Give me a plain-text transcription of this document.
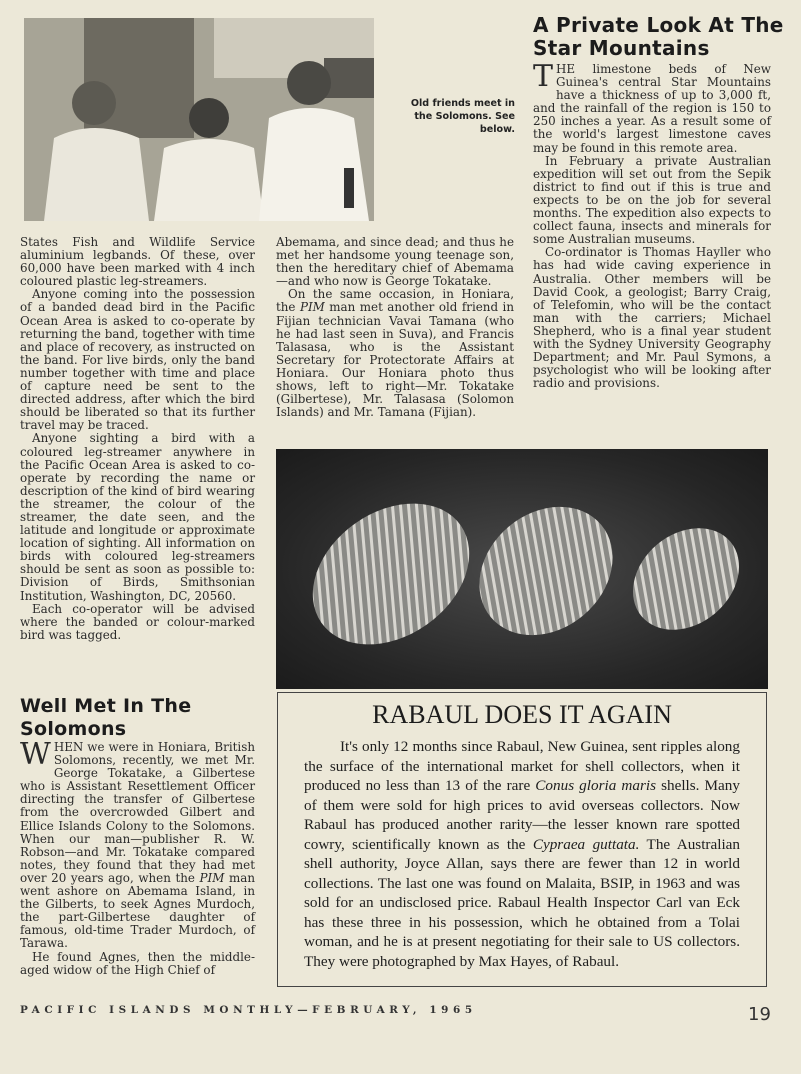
Old friends meet in the Solomons. See below.
A Private Look At The Star Mountains

THE limestone beds of New Guinea's central Star Mountains have a thickness of up to 3,000 ft, and the rainfall of the region is 150 to 250 inches a year. As a result some of the world's largest limestone caves may be found in this remote area.

In February a private Australian expedition will set out from the Sepik district to find out if this is true and expects to be on the job for several months. The expedition also expects to collect fauna, insects and minerals for some Australian museums.

Co-ordinator is Thomas Hayller who has had wide caving experience in Australia. Other members will be David Cook, a geologist; Barry Craig, of Telefomin, who will be the contact man with the carriers; Michael Shepherd, who is a final year student with the Sydney University Geography Department; and Mr. Paul Symons, a psychologist who will be looking after radio and provisions.

States Fish and Wildlife Service aluminium legbands. Of these, over 60,000 have been marked with 4 inch coloured plastic leg-streamers.

Anyone coming into the possession of a banded dead bird in the Pacific Ocean Area is asked to co-operate by returning the band, together with time and place of recovery, as instructed on the band. For live birds, only the band number together with time and place of capture need be sent to the directed address, after which the bird should be liberated so that its further travel may be traced.

Anyone sighting a bird with a coloured leg-streamer anywhere in the Pacific Ocean Area is asked to co-operate by recording the name or description of the kind of bird wearing the streamer, the colour of the streamer, the date seen, and the latitude and longitude or approximate location of sighting. All information on birds with coloured leg-streamers should be sent as soon as possible to: Division of Birds, Smithsonian Institution, Washington, DC, 20560.

Each co-operator will be advised where the banded or colour-marked bird was tagged.

Well Met In The Solomons

WHEN we were in Honiara, British Solomons, recently, we met Mr. George Tokatake, a Gilbertese who is Assistant Resettlement Officer directing the transfer of Gilbertese from the overcrowded Gilbert and Ellice Islands Colony to the Solomons. When our man—publisher R. W. Robson—and Mr. Tokatake compared notes, they found that they had met over 20 years ago, when the PIM man went ashore on Abemama Island, in the Gilberts, to seek Agnes Murdoch, the part-Gilbertese daughter of famous, old-time Trader Murdoch, of Tarawa.

He found Agnes, then the middle-aged widow of the High Chief of

Abemama, and since dead; and thus he met her handsome young teenage son, then the hereditary chief of Abemama—and who now is George Tokatake.

On the same occasion, in Honiara, the PIM man met another old friend in Fijian technician Vavai Tamana (who he had last seen in Suva), and Francis Talasasa, who is the Assistant Secretary for Protectorate Affairs at Honiara. Our Honiara photo thus shows, left to right—Mr. Tokatake (Gilbertese), Mr. Talasasa (Solomon Islands) and Mr. Tamana (Fijian).

RABAUL DOES IT AGAIN

It's only 12 months since Rabaul, New Guinea, sent ripples along the surface of the international market for shell collectors, when it produced no less than 13 of the rare Conus gloria maris shells. Many of them were sold for high prices to avid overseas collectors. Now Rabaul has produced another rarity—the lesser known rare spotted cowry, scientifically known as the Cypraea guttata. The Australian shell authority, Joyce Allan, says there are fewer than 12 in world collections. The last one was found on Malaita, BSIP, in 1963 and was sold for an undisclosed price. Rabaul Health Inspector Carl van Eck has these three in his possession, which he obtained from a Tolai woman, and he is at present negotiating for their sale to US collectors. They were photographed by Max Hayes, of Rabaul.

PACIFIC ISLANDS MONTHLY—FEBRUARY, 1965	19
